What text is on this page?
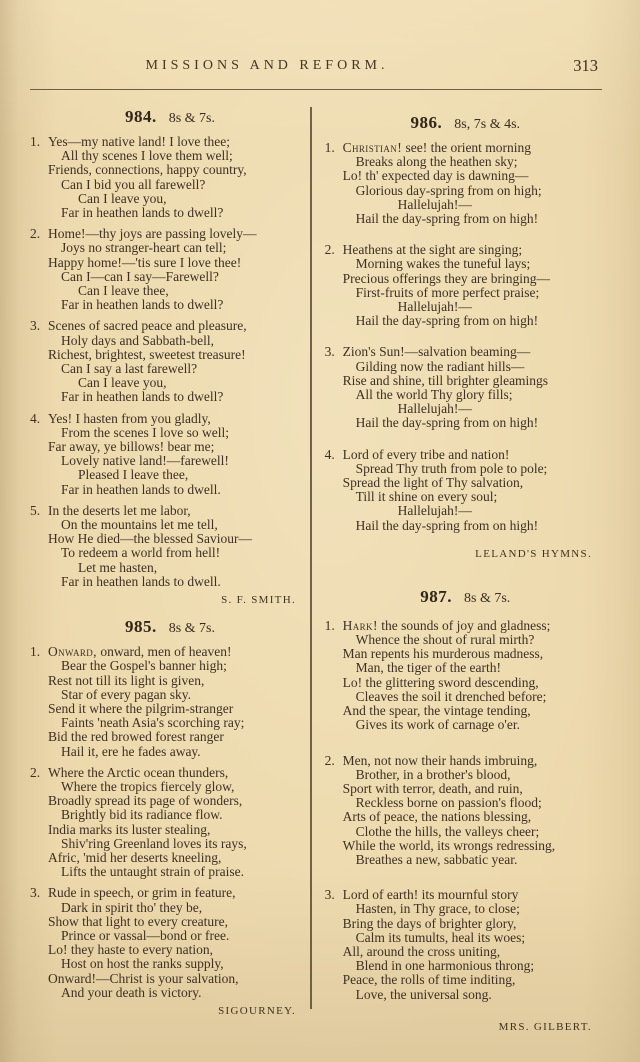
MISSIONS AND REFORM.	313
984. 8s & 7s.
1. Yes—my native land! I love thee;
All thy scenes I love them well;
Friends, connections, happy country,
Can I bid you all farewell?
Can I leave you,
Far in heathen lands to dwell?
2. Home!—thy joys are passing lovely—
Joys no stranger-heart can tell;
Happy home!—'tis sure I love thee!
Can I—can I say—Farewell?
Can I leave thee,
Far in heathen lands to dwell?
3. Scenes of sacred peace and pleasure,
Holy days and Sabbath-bell,
Richest, brightest, sweetest treasure!
Can I say a last farewell?
Can I leave you,
Far in heathen lands to dwell?
4. Yes! I hasten from you gladly,
From the scenes I love so well;
Far away, ye billows! bear me;
Lovely native land!—farewell!
Pleased I leave thee,
Far in heathen lands to dwell.
5. In the deserts let me labor,
On the mountains let me tell,
How He died—the blessed Saviour—
To redeem a world from hell!
Let me hasten,
Far in heathen lands to dwell.
S. F. SMITH.
985. 8s & 7s.
1. Onward, onward, men of heaven!
Bear the Gospel's banner high;
Rest not till its light is given,
Star of every pagan sky.
Send it where the pilgrim-stranger
Faints 'neath Asia's scorching ray;
Bid the red browed forest ranger
Hail it, ere he fades away.
2. Where the Arctic ocean thunders,
Where the tropics fiercely glow,
Broadly spread its page of wonders,
Brightly bid its radiance flow.
India marks its luster stealing,
Shiv'ring Greenland loves its rays,
Afric, 'mid her deserts kneeling,
Lifts the untaught strain of praise.
3. Rude in speech, or grim in feature,
Dark in spirit tho' they be,
Show that light to every creature,
Prince or vassal—bond or free.
Lo! they haste to every nation,
Host on host the ranks supply,
Onward!—Christ is your salvation,
And your death is victory.
SIGOURNEY.
986. 8s, 7s & 4s.
1. Christian! see! the orient morning
Breaks along the heathen sky;
Lo! th' expected day is dawning—
Glorious day-spring from on high;
Hallelujah!—
Hail the day-spring from on high!
2. Heathens at the sight are singing;
Morning wakes the tuneful lays;
Precious offerings they are bringing—
First-fruits of more perfect praise;
Hallelujah!—
Hail the day-spring from on high!
3. Zion's Sun!—salvation beaming—
Gilding now the radiant hills—
Rise and shine, till brighter gleamings
All the world Thy glory fills;
Hallelujah!—
Hail the day-spring from on high!
4. Lord of every tribe and nation!
Spread Thy truth from pole to pole;
Spread the light of Thy salvation,
Till it shine on every soul;
Hallelujah!—
Hail the day-spring from on high!
LELAND'S HYMNS.
987. 8s & 7s.
1. Hark! the sounds of joy and gladness;
Whence the shout of rural mirth?
Man repents his murderous madness,
Man, the tiger of the earth!
Lo! the glittering sword descending,
Cleaves the soil it drenched before;
And the spear, the vintage tending,
Gives its work of carnage o'er.
2. Men, not now their hands imbruing,
Brother, in a brother's blood,
Sport with terror, death, and ruin,
Reckless borne on passion's flood;
Arts of peace, the nations blessing,
Clothe the hills, the valleys cheer;
While the world, its wrongs redressing,
Breathes a new, sabbatic year.
3. Lord of earth! its mournful story
Hasten, in Thy grace, to close;
Bring the days of brighter glory,
Calm its tumults, heal its woes;
All, around the cross uniting,
Blend in one harmonious throng;
Peace, the rolls of time inditing,
Love, the universal song.
MRS. GILBERT.
